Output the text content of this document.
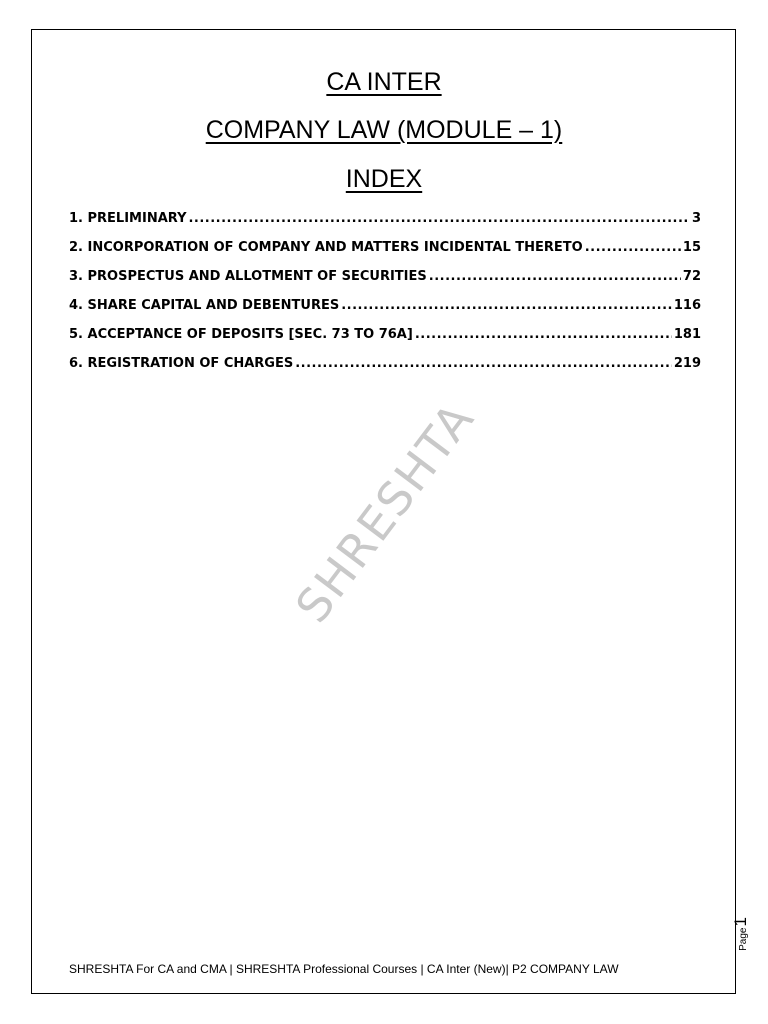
SHRESHTA
CA INTER
COMPANY LAW (MODULE – 1)
INDEX
1. PRELIMINARY .....	3
2. INCORPORATION OF COMPANY AND MATTERS INCIDENTAL THERETO .....	15
3. PROSPECTUS AND ALLOTMENT OF SECURITIES .....	72
4. SHARE CAPITAL AND DEBENTURES .....	116
5. ACCEPTANCE OF DEPOSITS [SEC. 73 TO 76A] .....	181
6. REGISTRATION OF CHARGES .....	219
Page1
SHRESHTA For CA and CMA | SHRESHTA Professional Courses | CA Inter (New)| P2 COMPANY LAW
